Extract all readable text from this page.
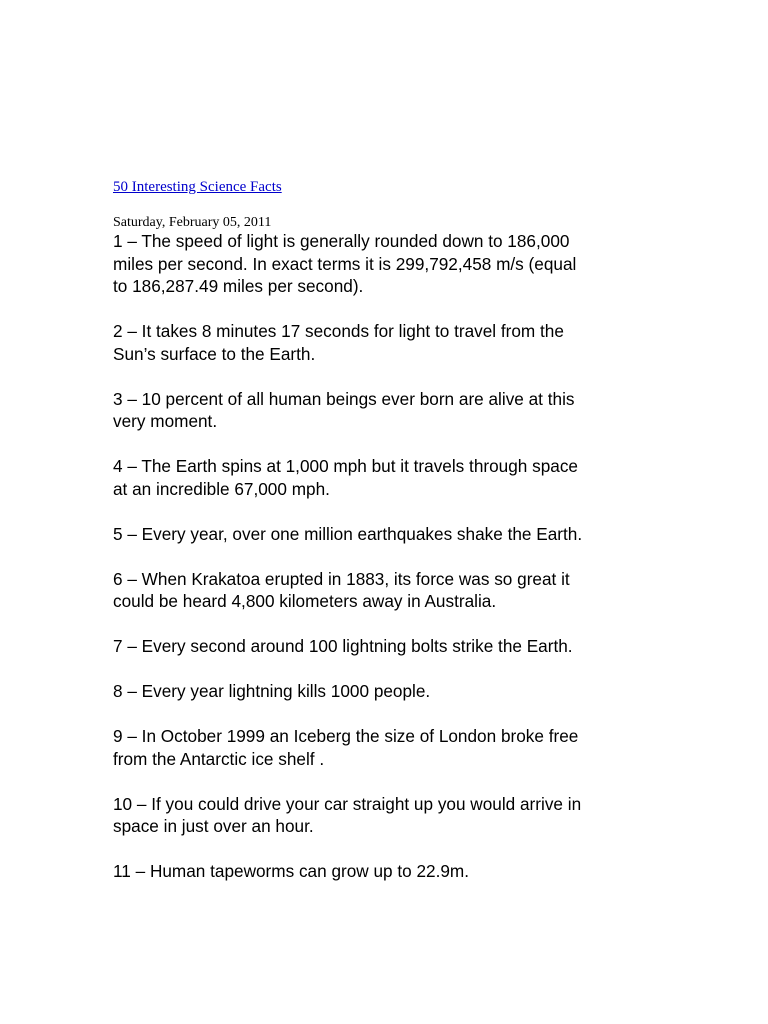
50 Interesting Science Facts
Saturday, February 05, 2011
1 – The speed of light is generally rounded down to 186,000
miles per second. In exact terms it is 299,792,458 m/s (equal
to 186,287.49 miles per second).
2 – It takes 8 minutes 17 seconds for light to travel from the
Sun’s surface to the Earth.
3 – 10 percent of all human beings ever born are alive at this
very moment.
4 – The Earth spins at 1,000 mph but it travels through space
at an incredible 67,000 mph.
5 – Every year, over one million earthquakes shake the Earth.
6 – When Krakatoa erupted in 1883, its force was so great it
could be heard 4,800 kilometers away in Australia.
7 – Every second around 100 lightning bolts strike the Earth.
8 – Every year lightning kills 1000 people.
9 – In October 1999 an Iceberg the size of London broke free
from the Antarctic ice shelf .
10 – If you could drive your car straight up you would arrive in
space in just over an hour.
11 – Human tapeworms can grow up to 22.9m.
